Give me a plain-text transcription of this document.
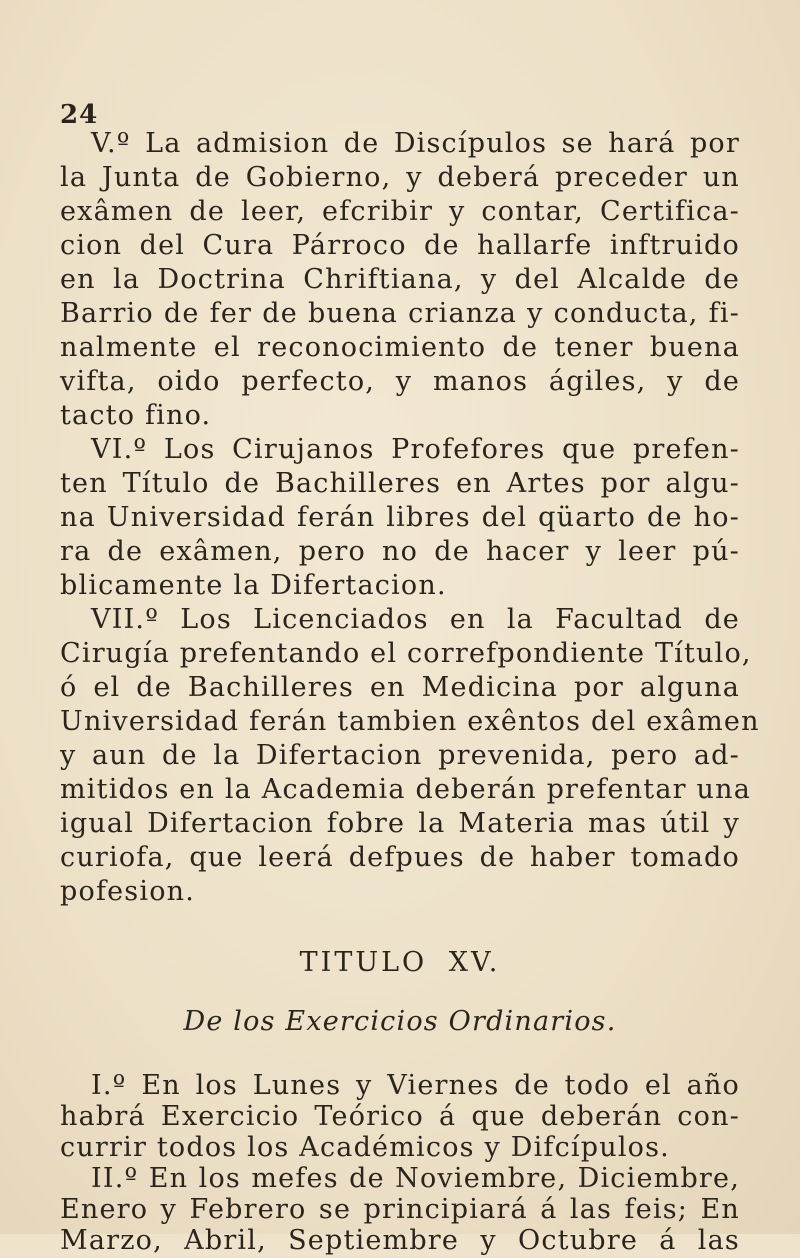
24
V.º La admision de Discípulos se hará por
la Junta de Gobierno, y deberá preceder un
exâmen de leer, efcribir y contar, Certifica-
cion del Cura Párroco de hallarfe inftruido
en la Doctrina Chriftiana, y del Alcalde de
Barrio de fer de buena crianza y conducta, fi-
nalmente el reconocimiento de tener buena
vifta, oido perfecto, y manos ágiles, y de
tacto fino.
VI.º Los Cirujanos Profefores que prefen-
ten Título de Bachilleres en Artes por algu-
na Universidad ferán libres del qüarto de ho-
ra de exâmen, pero no de hacer y leer pú-
blicamente la Difertacion.
VII.º Los Licenciados en la Facultad de
Cirugía prefentando el correfpondiente Título,
ó el de Bachilleres en Medicina por alguna
Universidad ferán tambien exêntos del exâmen
y aun de la Difertacion prevenida, pero ad-
mitidos en la Academia deberán prefentar una
igual Difertacion fobre la Materia mas útil y
curiofa, que leerá defpues de haber tomado
pofesion.
TITULO XV.
De los Exercicios Ordinarios.
I.º En los Lunes y Viernes de todo el año
habrá Exercicio Teórico á que deberán con-
currir todos los Académicos y Difcípulos.
II.º En los mefes de Noviembre, Diciembre,
Enero y Febrero se principiará á las feis; En
Marzo, Abril, Septiembre y Octubre á las
